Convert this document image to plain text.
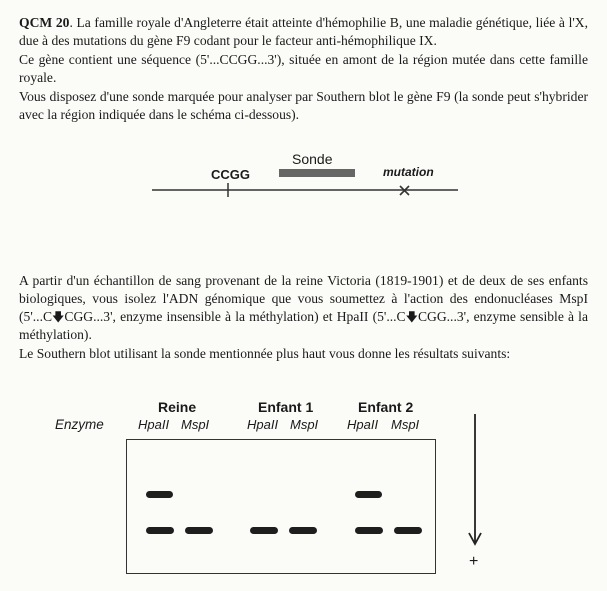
QCM 20. La famille royale d'Angleterre était atteinte d'hémophilie B, une maladie génétique, liée à l'X, due à des mutations du gène F9 codant pour le facteur anti-hémophilique IX.

Ce gène contient une séquence (5'...CCGG...3'), située en amont de la région mutée dans cette famille royale.

Vous disposez d'une sonde marquée pour analyser par Southern blot le gène F9 (la sonde peut s'hybrider avec la région indiquée dans le schéma ci-dessous).

Sonde
CCGG	mutation

A partir d'un échantillon de sang provenant de la reine Victoria (1819-1901) et de deux de ses enfants biologiques, vous isolez l'ADN génomique que vous soumettez à l'action des endonucléases MspI (5'...C🡇CGG...3', enzyme insensible à la méthylation) et HpaII (5'...C🡇CGG...3', enzyme sensible à la méthylation).

Le Southern blot utilisant la sonde mentionnée plus haut vous donne les résultats suivants:

Enzyme
Reine
HpaII MspI
Enfant 1
HpaII MspI
Enfant 2
HpaII MspI
+
